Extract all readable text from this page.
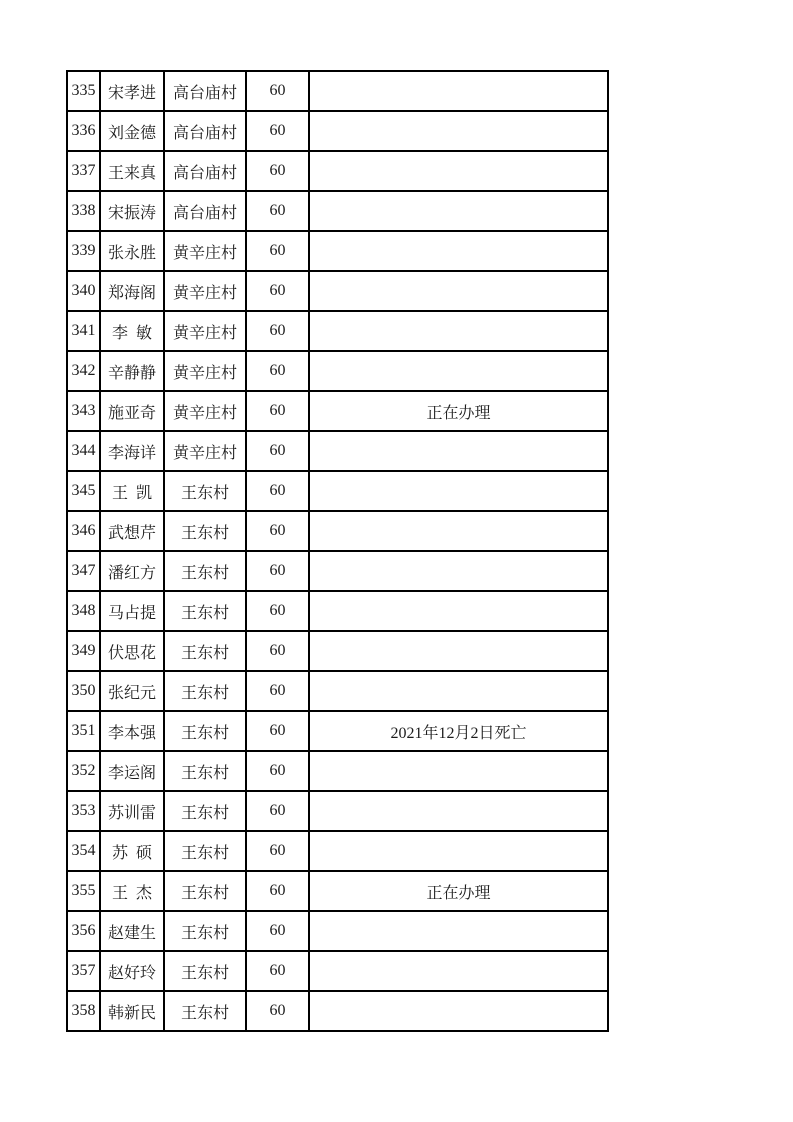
335	宋孝进	高台庙村	60	
336	刘金德	高台庙村	60	
337	王来真	高台庙村	60	
338	宋振涛	高台庙村	60	
339	张永胜	黄辛庄村	60	
340	郑海阁	黄辛庄村	60	
341	李敏	黄辛庄村	60	
342	辛静静	黄辛庄村	60	
343	施亚奇	黄辛庄村	60	正在办理
344	李海详	黄辛庄村	60	
345	王凯	王东村	60	
346	武想芹	王东村	60	
347	潘红方	王东村	60	
348	马占提	王东村	60	
349	伏思花	王东村	60	
350	张纪元	王东村	60	
351	李本强	王东村	60	2021年12月2日死亡
352	李运阁	王东村	60	
353	苏训雷	王东村	60	
354	苏硕	王东村	60	
355	王杰	王东村	60	正在办理
356	赵建生	王东村	60	
357	赵好玲	王东村	60	
358	韩新民	王东村	60	
